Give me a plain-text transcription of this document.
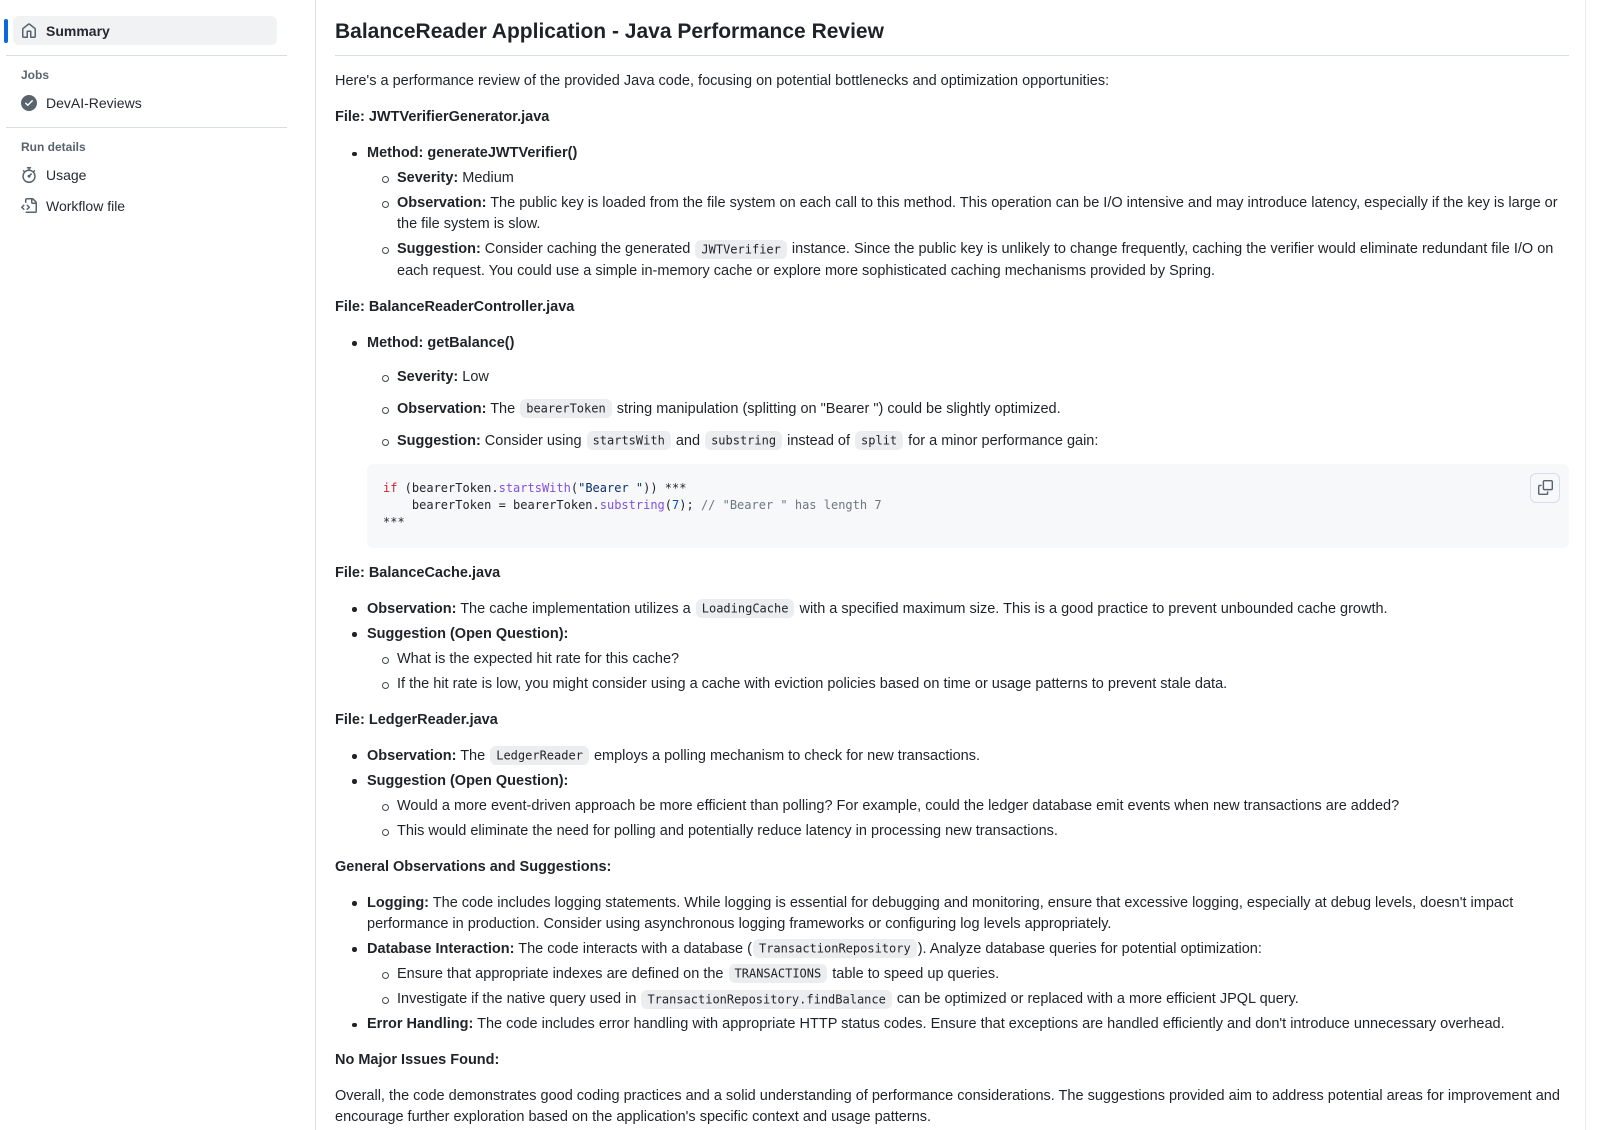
Summary
Jobs
DevAI-Reviews
Run details
Usage
Workflow file
BalanceReader Application - Java Performance Review

Here's a performance review of the provided Java code, focusing on potential bottlenecks and optimization opportunities:

File: JWTVerifierGenerator.java

Method: generateJWTVerifier()
Severity: Medium
Observation: The public key is loaded from the file system on each call to this method. This operation can be I/O intensive and may introduce latency, especially if the key is large or the file system is slow.
Suggestion: Consider caching the generated JWTVerifier instance. Since the public key is unlikely to change frequently, caching the verifier would eliminate redundant file I/O on each request. You could use a simple in-memory cache or explore more sophisticated caching mechanisms provided by Spring.

File: BalanceReaderController.java

Method: getBalance()
Severity: Low
Observation: The bearerToken string manipulation (splitting on "Bearer ") could be slightly optimized.
Suggestion: Consider using startsWith and substring instead of split for a minor performance gain:
if (bearerToken.startsWith("Bearer ")) ***
bearerToken = bearerToken.substring(7); // "Bearer " has length 7
***

File: BalanceCache.java

Observation: The cache implementation utilizes a LoadingCache with a specified maximum size. This is a good practice to prevent unbounded cache growth.
Suggestion (Open Question):
What is the expected hit rate for this cache?
If the hit rate is low, you might consider using a cache with eviction policies based on time or usage patterns to prevent stale data.

File: LedgerReader.java

Observation: The LedgerReader employs a polling mechanism to check for new transactions.
Suggestion (Open Question):
Would a more event-driven approach be more efficient than polling? For example, could the ledger database emit events when new transactions are added?
This would eliminate the need for polling and potentially reduce latency in processing new transactions.

General Observations and Suggestions:

Logging: The code includes logging statements. While logging is essential for debugging and monitoring, ensure that excessive logging, especially at debug levels, doesn't impact performance in production. Consider using asynchronous logging frameworks or configuring log levels appropriately.
Database Interaction: The code interacts with a database ( TransactionRepository ). Analyze database queries for potential optimization:
Ensure that appropriate indexes are defined on the TRANSACTIONS table to speed up queries.
Investigate if the native query used in TransactionRepository.findBalance can be optimized or replaced with a more efficient JPQL query.
Error Handling: The code includes error handling with appropriate HTTP status codes. Ensure that exceptions are handled efficiently and don't introduce unnecessary overhead.

No Major Issues Found:

Overall, the code demonstrates good coding practices and a solid understanding of performance considerations. The suggestions provided aim to address potential areas for improvement and encourage further exploration based on the application's specific context and usage patterns.
